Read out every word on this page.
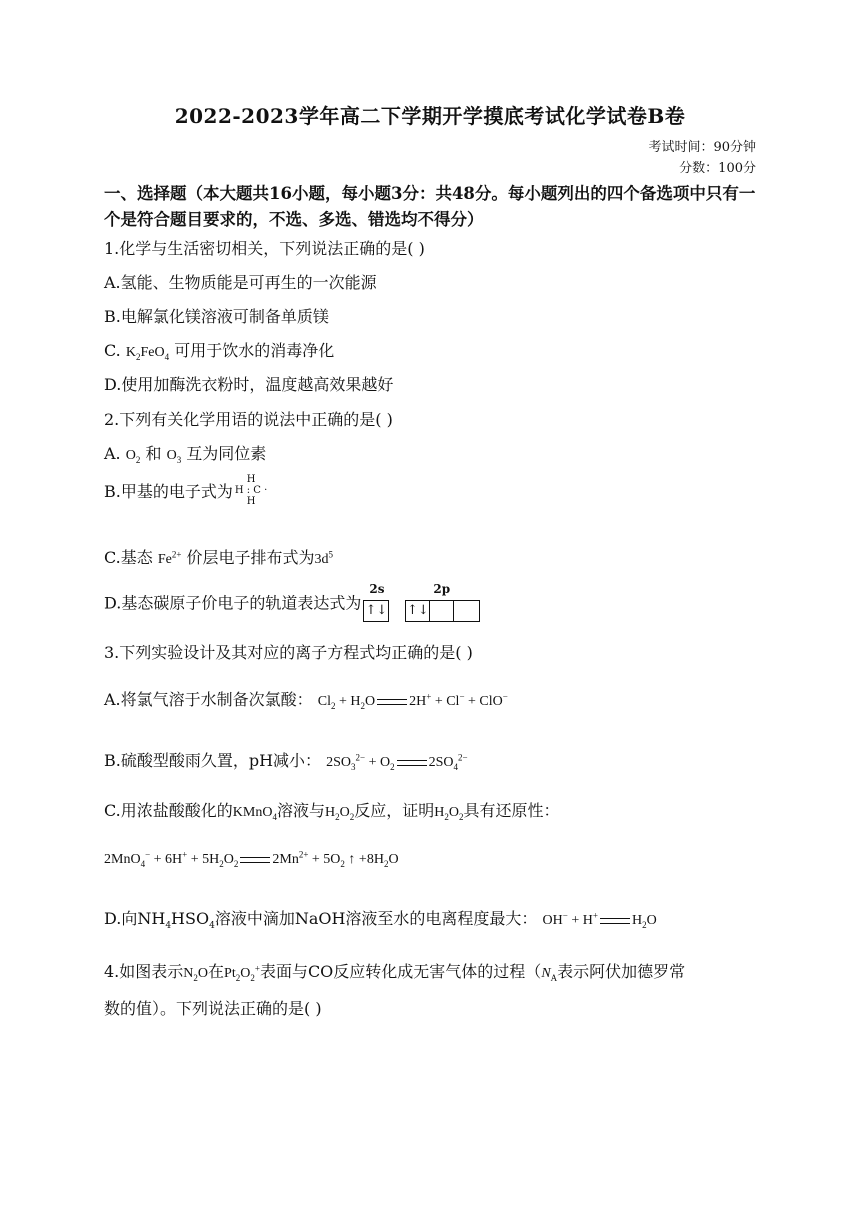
2022-2023学年高二下学期开学摸底考试化学试卷B卷
考试时间：90分钟
分数：100分
一、选择题（本大题共16小题，每小题3分：共48分。每小题列出的四个备选项中只有一个是符合题目要求的，不选、多选、错选均不得分）
1.化学与生活密切相关，下列说法正确的是( )
A.氢能、生物质能是可再生的一次能源
B.电解氯化镁溶液可制备单质镁
C. $K_2FeO_4$ 可用于饮水的消毒净化
D.使用加酶洗衣粉时，温度越高效果越好
2.下列有关化学用语的说法中正确的是( )
A. $O_2$ 和 $O_3$ 互为同位素
B.甲基的电子式为H
H : C ·
H
C.基态 $Fe^{2+}$ 价层电子排布式为$3d^5$
D.基态碳原子价电子的轨道表达式为
2s	2p
↑↓ ↑↓
3.下列实验设计及其对应的离子方程式均正确的是( )
A.将氯气溶于水制备次氯酸： $Cl_2 + H_2O$ 2H+ + Cl− + ClO−
B.硫酸型酸雨久置，pH减小： $2SO_3^{2-} + O_2$ $2SO_4^{2-}$
C.用浓盐酸酸化的KMnO$_4$溶液与$H_2O_2$反应，证明$H_2O_2$具有还原性：
$2MnO_4^- + 6H^+ + 5H_2O_2$ $2Mn^{2+} + 5O_2$ ↑ $+8H_2O$
D.向$NH_4HSO_4$溶液中滴加NaOH溶液至水的电离程度最大： OH− + H+ $H_2O$
4.如图表示$N_2O$在$Pt_2O_2^+$表面与CO反应转化成无害气体的过程（$N_A$表示阿伏加德罗常
数的值）。下列说法正确的是( )
